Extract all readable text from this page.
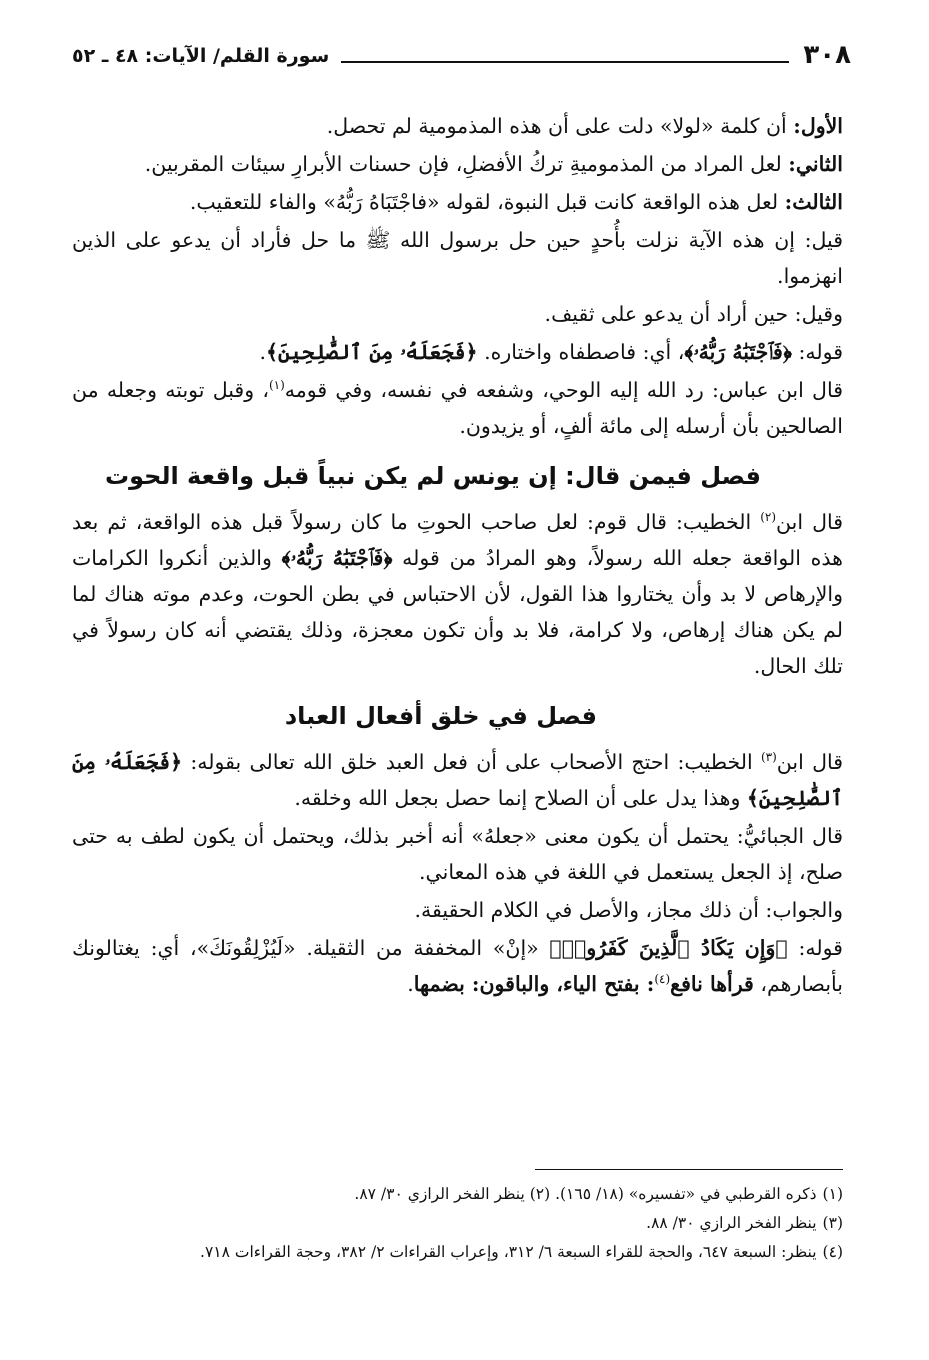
٣٠٨
سورة القلم/ الآيات: ٤٨ ـ ٥٢

الأول: أن كلمة «لولا» دلت على أن هذه المذمومية لم تحصل.

الثاني: لعل المراد من المذموميةِ تركُ الأفضلِ، فإن حسنات الأبرارِ سيئات المقربين.

الثالث: لعل هذه الواقعة كانت قبل النبوة، لقوله «فاجْتَبَاهُ رَبُّهُ» والفاء للتعقيب.

قيل: إن هذه الآية نزلت بأُحدٍ حين حل برسول الله ﷺ ما حل فأراد أن يدعو على الذين انهزموا.

وقيل: حين أراد أن يدعو على ثقيف.

قوله: ﴿فَٱجْتَبَٰهُ رَبُّهُۥ﴾، أي: فاصطفاه واختاره. ﴿فَجَعَلَهُۥ مِنَ ٱلصَّٰلِحِينَ﴾.

قال ابن عباس: رد الله إليه الوحي، وشفعه في نفسه، وفي قومه$^{(١)}$، وقبل توبته وجعله من الصالحين بأن أرسله إلى مائة ألفٍ، أو يزيدون.

فصل فيمن قال: إن يونس لم يكن نبياً قبل واقعة الحوت

قال ابن$^{(٢)}$ الخطيب: قال قوم: لعل صاحب الحوتِ ما كان رسولاً قبل هذه الواقعة، ثم بعد هذه الواقعة جعله الله رسولاً، وهو المرادُ من قوله ﴿فَٱجْتَبَٰهُ رَبُّهُۥ﴾ والذين أنكروا الكرامات والإرهاص لا بد وأن يختاروا هذا القول، لأن الاحتباس في بطن الحوت، وعدم موته هناك لما لم يكن هناك إرهاص، ولا كرامة، فلا بد وأن تكون معجزة، وذلك يقتضي أنه كان رسولاً في تلك الحال.

فصل في خلق أفعال العباد

قال ابن$^{(٣)}$ الخطيب: احتج الأصحاب على أن فعل العبد خلق الله تعالى بقوله: ﴿فَجَعَلَهُۥ مِنَ ٱلصَّٰلِحِينَ﴾ وهذا يدل على أن الصلاح إنما حصل بجعل الله وخلقه.

قال الجبائيُّ: يحتمل أن يكون معنى «جعلهُ» أنه أخبر بذلك، ويحتمل أن يكون لطف به حتى صلح، إذ الجعل يستعمل في اللغة في هذه المعاني.

والجواب: أن ذلك مجاز، والأصل في الكلام الحقيقة.

قوله: ﴿وَإِن يَكَادُ ٱلَّذِينَ كَفَرُوا۟﴾ «إنْ» المخففة من الثقيلة. «لَيُزْلِقُونَكَ»، أي: يغتالونك بأبصارهم، قرأها نافع$^{(٤)}$: بفتح الياء، والباقون: بضمها.

(١)ذكره القرطبي في «تفسيره» (١٨/ ١٦٥). (٢) ينظر الفخر الرازي ٣٠/ ٨٧.

(٣)ينظر الفخر الرازي ٣٠/ ٨٨.

(٤)ينظر: السبعة ٦٤٧، والحجة للقراء السبعة ٦/ ٣١٢، وإعراب القراءات ٢/ ٣٨٢، وحجة القراءات ٧١٨.
